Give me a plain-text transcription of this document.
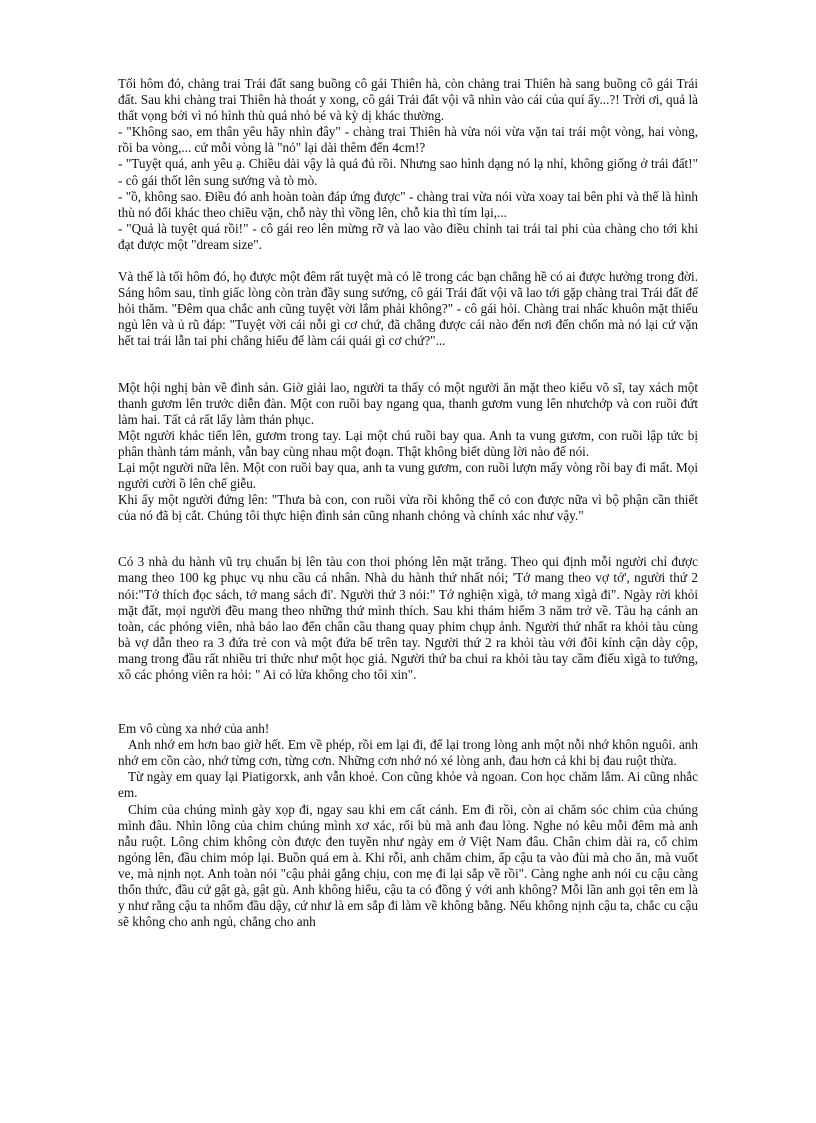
Tối hôm đó, chàng trai Trái đất sang buồng cô gái Thiên hà, còn chàng trai Thiên hà sang buồng cô gái Trái đất. Sau khi chàng trai Thiên hà thoát y xong, cô gái Trái đất vội vã nhìn vào cái của quí ấy...?! Trời ơi, quả là thất vọng bởi vì nó hình thù quá nhỏ bé và kỳ dị khác thường.

- "Không sao, em thân yêu hãy nhìn đây" - chàng trai Thiên hà vừa nói vừa vặn tai trái một vòng, hai vòng, rồi ba vòng,... cứ mỗi vòng là "nó" lại dài thêm đến 4cm!?

- "Tuyệt quá, anh yêu ạ. Chiều dài vậy là quá đủ rồi. Nhưng sao hình dạng nó lạ nhỉ, không giống ở trái đất!" - cô gái thốt lên sung sướng và tò mò.

- "ồ, không sao. Điều đó anh hoàn toàn đáp ứng được" - chàng trai vừa nói vừa xoay tai bên phi và thế là hình thù nó đổi khác theo chiều vặn, chỗ này thì vồng lên, chỗ kia thì tím lại,...

- "Quả là tuyệt quá rồi!" - cô gái reo lên mừng rỡ và lao vào điều chỉnh tai trái tai phi của chàng cho tới khi đạt được một "dream size".

Và thế là tối hôm đó, họ được một đêm rất tuyệt mà có lẽ trong các bạn chẳng hề có ai được hưởng trong đời. Sáng hôm sau, tỉnh giấc lòng còn tràn đầy sung sướng, cô gái Trái đất vội vã lao tới gặp chàng trai Trái đất để hỏi thăm. "Đêm qua chắc anh cũng tuyệt vời lắm phải không?" - cô gái hỏi. Chàng trai nhấc khuôn mặt thiếu ngủ lên và ủ rũ đáp: "Tuyệt vời cái nỗi gì cơ chứ, đã chẳng được cái nào đến nơi đến chốn mà nó lại cứ vặn hết tai trái lẫn tai phi chẳng hiểu để làm cái quái gì cơ chứ?"...

Một hội nghị bàn về đình sản. Giờ giải lao, người ta thấy có một người ăn mặt theo kiểu võ sĩ, tay xách một thanh gươm lên trước diễn đàn. Một con ruồi bay ngang qua, thanh gươm vung lên nhưchớp và con ruồi đứt làm hai. Tất cả rất lấy làm thán phục.

Một người khác tiến lên, gươm trong tay. Lại một chú ruồi bay qua. Anh ta vung gươm, con ruồi lập tức bị phân thành tám mảnh, vẫn bay cùng nhau một đoạn. Thật không biết dùng lời nào để nói.

Lại một người nữa lên. Một con ruồi bay qua, anh ta vung gươm, con ruồi lượn mấy vòng rồi bay đi mất. Mọi người cười ồ lên chế giễu.

Khi ấy một người đứng lên: "Thưa bà con, con ruồi vừa rồi không thể có con được nữa vì bộ phận cần thiết của nó đã bị cắt. Chúng tôi thực hiện đình sản cũng nhanh chóng và chính xác như vậy."

Có 3 nhà du hành vũ trụ chuẩn bị lên tàu con thoi phóng lên mặt trăng. Theo qui định mỗi người chỉ được mang theo 100 kg phục vụ nhu cầu cá nhân. Nhà du hành thứ nhất nói; 'Tớ mang theo vợ tớ', người thứ 2 nói:"Tớ thích đọc sách, tớ mang sách đi'. Người thứ 3 nói:" Tớ nghiện xìgà, tớ mang xìgà đi". Ngày rời khỏi mặt đất, mọi người đều mang theo những thứ mình thích. Sau khi thám hiểm 3 năm trở về. Tàu hạ cánh an toàn, các phóng viên, nhà báo lao đến chân cầu thang quay phim chụp ảnh. Người thứ nhất ra khỏi tàu cùng bà vợ dẫn theo ra 3 đứa trẻ con và một đứa bế trên tay. Người thứ 2 ra khỏi tàu với đôi kính cận dày cộp, mang trong đầu rất nhiều tri thức như một học giả. Người thứ ba chui ra khỏi tàu tay cầm điếu xìgà to tướng, xô các phóng viên ra hỏi: " Ai có lửa không cho tôi xin".

Em vô cùng xa nhớ của anh!

Anh nhớ em hơn bao giờ hết. Em về phép, rồi em lại đi, để lại trong lòng anh một nỗi nhớ khôn nguôi. anh nhớ em cồn cào, nhớ từng cơn, từng cơn. Những cơn nhớ nó xé lòng anh, đau hơn cả khi bị đau ruột thừa.

Từ ngày em quay lại Piatigorxk, anh vẫn khoẻ. Con cũng khỏe và ngoan. Con học chăm lắm. Ai cũng nhắc em.

Chim của chúng mình gày xọp đi, ngay sau khi em cất cánh. Em đi rồi, còn ai chăm sóc chim của chúng mình đâu. Nhìn lông của chim chúng mình xơ xác, rối bù mà anh đau lòng. Nghe nó kêu mỗi đêm mà anh nẫu ruột. Lông chim không còn được đen tuyền như ngày em ở Việt Nam đâu. Chân chim dài ra, cổ chim ngỏng lên, đầu chim móp lại. Buồn quá em à. Khi rỗi, anh chăm chim, ấp cậu ta vào đùi mà cho ăn, mà vuốt ve, mà nịnh nọt. Anh toàn nói "cậu phải gắng chịu, con mẹ đi lại sắp về rồi". Càng nghe anh nói cu cậu càng thổn thức, đầu cứ gật gà, gật gù. Anh không hiểu, cậu ta có đồng ý với anh không? Mỗi lần anh gọi tên em là y như rằng cậu ta nhổm đầu dậy, cứ như là em sắp đi làm về không bằng. Nếu không nịnh cậu ta, chắc cu cậu sẽ không cho anh ngủ, chẳng cho anh
